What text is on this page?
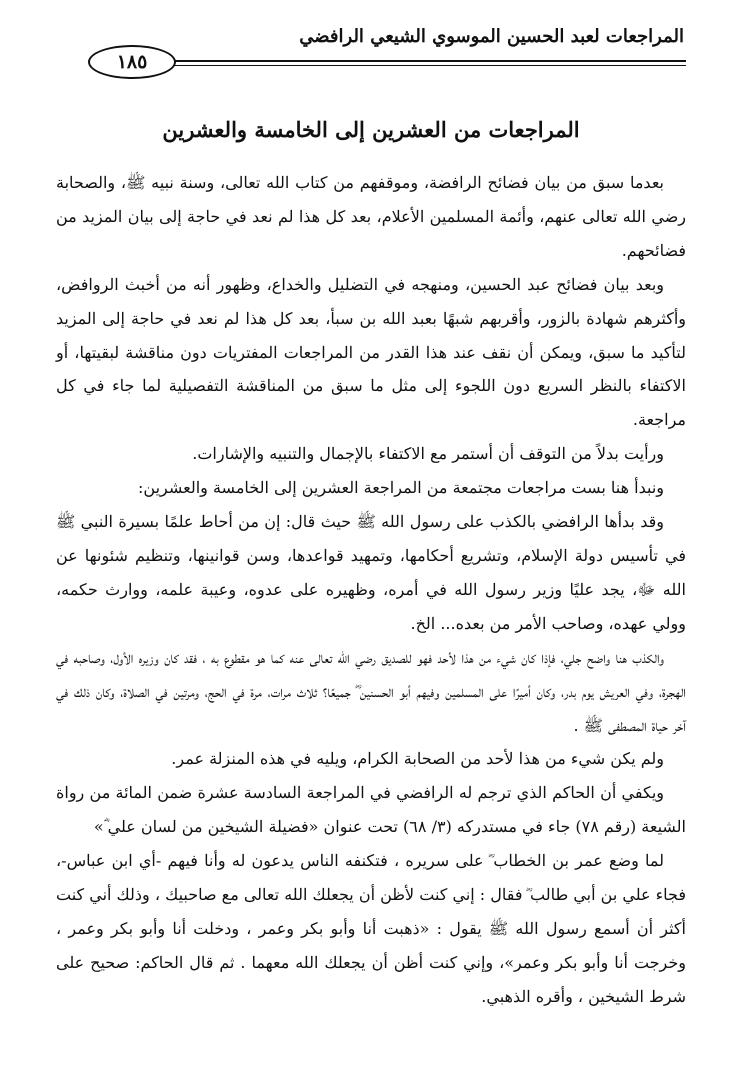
المراجعات لعبد الحسين الموسوي الشيعي الرافضي
١٨٥
المراجعات من العشرين إلى الخامسة والعشرين

بعدما سبق من بيان فضائح الرافضة، وموقفهم من كتاب الله تعالى، وسنة نبيه ﷺ، والصحابة رضي الله تعالى عنهم، وأئمة المسلمين الأعلام، بعد كل هذا لم نعد في حاجة إلى بيان المزيد من فضائحهم.

وبعد بيان فضائح عبد الحسين، ومنهجه في التضليل والخداع، وظهور أنه من أخبث الروافض، وأكثرهم شهادة بالزور، وأقربهم شبهًا بعبد الله بن سبأ، بعد كل هذا لم نعد في حاجة إلى المزيد لتأكيد ما سبق، ويمكن أن نقف عند هذا القدر من المراجعات المفتريات دون مناقشة لبقيتها، أو الاكتفاء بالنظر السريع دون اللجوء إلى مثل ما سبق من المناقشة التفصيلية لما جاء في كل مراجعة.

ورأيت بدلاً من التوقف أن أستمر مع الاكتفاء بالإجمال والتنبيه والإشارات.

ونبدأ هنا بست مراجعات مجتمعة من المراجعة العشرين إلى الخامسة والعشرين:

وقد بدأها الرافضي بالكذب على رسول الله ﷺ حيث قال: إن من أحاط علمًا بسيرة النبي ﷺ في تأسيس دولة الإسلام، وتشريع أحكامها، وتمهيد قواعدها، وسن قوانينها، وتنظيم شئونها عن الله ﷻ، يجد عليًا وزير رسول الله في أمره، وظهيره على عدوه، وعيبة علمه، ووارث حكمه، وولي عهده، وصاحب الأمر من بعده... الخ.

والكذب هنا واضح جلي، فإذا كان شيء من هذا لأحد فهو للصديق رضي الله تعالى عنه كما هو مقطوع به ، فقد كان وزيره الأول، وصاحبه في الهجرة، وفي العريش يوم بدر، وكان أميرًا على المسلمين وفيهم أبو الحسنين ؓ جميعًا؟ ثلاث مرات، مرة في الحج، ومرتين في الصلاة، وكان ذلك في آخر حياة المصطفى ﷺ .

ولم يكن شيء من هذا لأحد من الصحابة الكرام، ويليه في هذه المنزلة عمر.

ويكفي أن الحاكم الذي ترجم له الرافضي في المراجعة السادسة عشرة ضمن المائة من رواة الشيعة (رقم ٧٨) جاء في مستدركه (٣/ ٦٨) تحت عنوان «فضيلة الشيخين من لسان علي ؓ»

لما وضع عمر بن الخطاب ؓ على سريره ، فتكنفه الناس يدعون له وأنا فيهم -أي ابن عباس-، فجاء علي بن أبي طالب ؓ فقال : إني كنت لأظن أن يجعلك الله تعالى مع صاحبيك ، وذلك أني كنت أكثر أن أسمع رسول الله ﷺ يقول : «ذهبت أنا وأبو بكر وعمر ، ودخلت أنا وأبو بكر وعمر ، وخرجت أنا وأبو بكر وعمر»، وإني كنت أظن أن يجعلك الله معهما . ثم قال الحاكم: صحيح على شرط الشيخين ، وأقره الذهبي.
